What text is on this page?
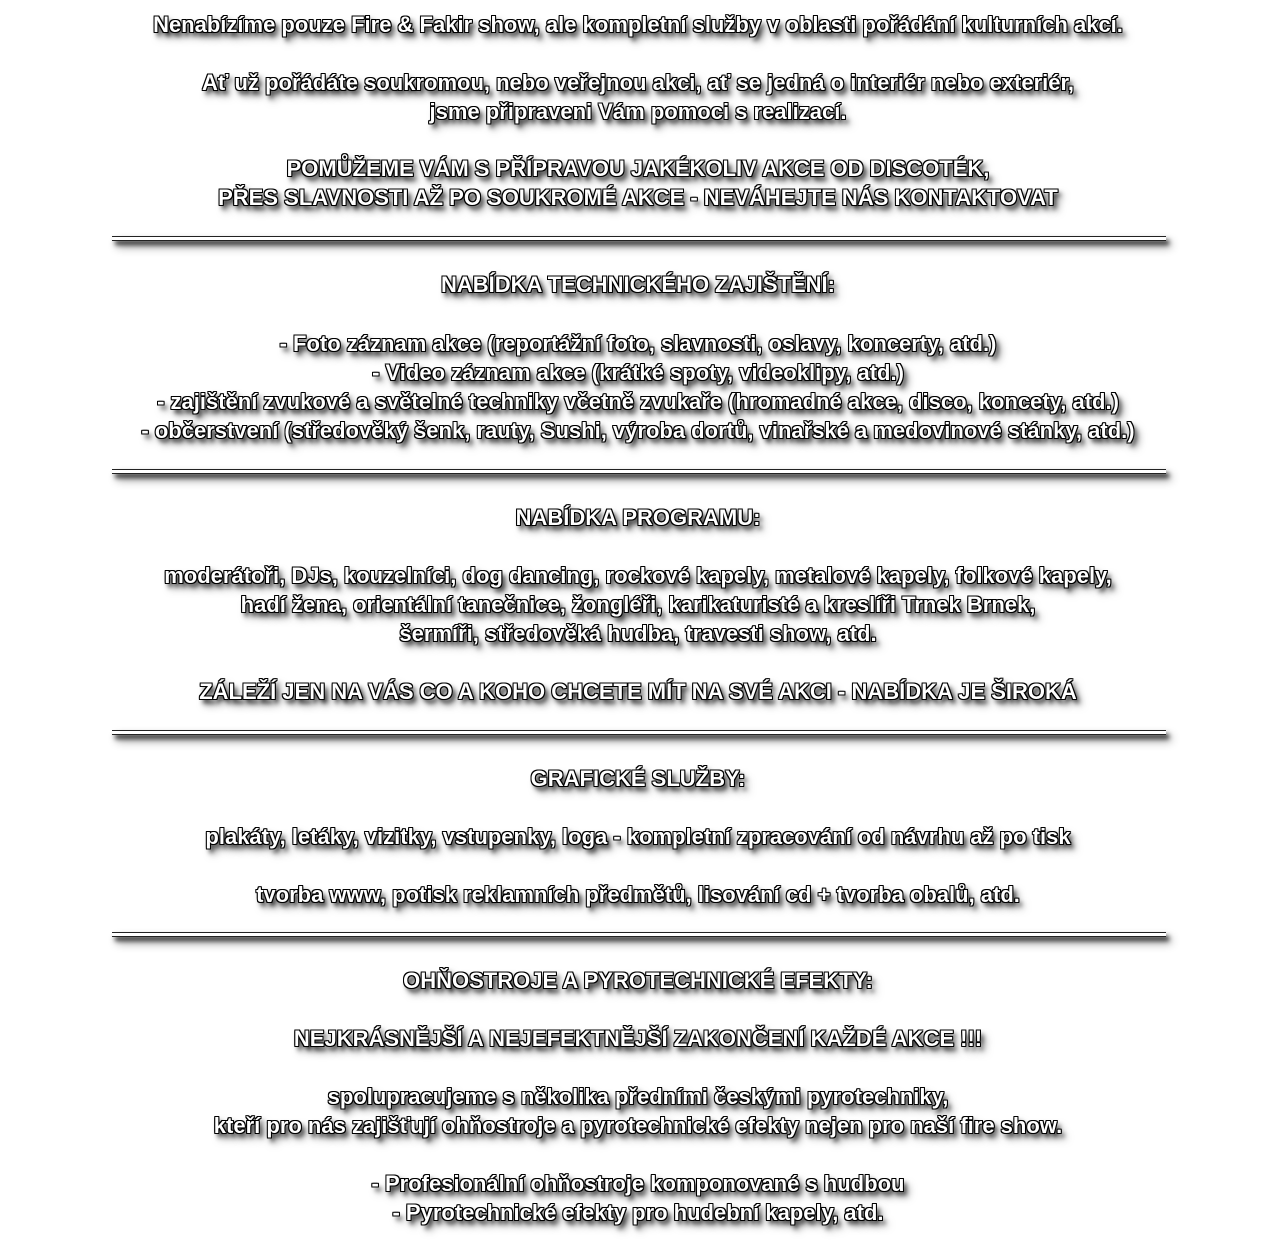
Nenabízíme pouze Fire & Fakir show, ale kompletní služby v oblasti pořádání kulturních akcí.
Ať už pořádáte soukromou, nebo veřejnou akci, ať se jedná o interiér nebo exteriér,
jsme připraveni Vám pomoci s realizací.
POMŮŽEME VÁM S PŘÍPRAVOU JAKÉKOLIV AKCE OD DISCOTÉK,
PŘES SLAVNOSTI AŽ PO SOUKROMÉ AKCE - NEVÁHEJTE NÁS KONTAKTOVAT
NABÍDKA TECHNICKÉHO ZAJIŠTĚNÍ:
- Foto záznam akce (reportážní foto, slavnosti, oslavy, koncerty, atd.)
- Video záznam akce (krátké spoty, videoklipy, atd.)
- zajištění zvukové a světelné techniky včetně zvukaře (hromadné akce, disco, koncety, atd.)
- občerstvení (středověký šenk, rauty, Sushi, výroba dortů, vinařské a medovinové stánky, atd.)
NABÍDKA PROGRAMU:
moderátoři, DJs, kouzelníci, dog dancing, rockové kapely, metalové kapely, folkové kapely,
hadí žena, orientální tanečnice, žongléři, karikaturisté a kreslíři Trnek Brnek,
šermíři, středověká hudba, travesti show, atd.
ZÁLEŽÍ JEN NA VÁS CO A KOHO CHCETE MÍT NA SVÉ AKCI - NABÍDKA JE ŠIROKÁ
GRAFICKÉ SLUŽBY:
plakáty, letáky, vizitky, vstupenky, loga - kompletní zpracování od návrhu až po tisk
tvorba www, potisk reklamních předmětů, lisování cd + tvorba obalů, atd.
OHŇOSTROJE A PYROTECHNICKÉ EFEKTY:
NEJKRÁSNĚJŠÍ A NEJEFEKTNĚJŠÍ ZAKONČENÍ KAŽDÉ AKCE !!!
spolupracujeme s několika předními českými pyrotechniky,
kteří pro nás zajišťují ohňostroje a pyrotechnické efekty nejen pro naší fire show.
- Profesionální ohňostroje komponované s hudbou
- Pyrotechnické efekty pro hudební kapely, atd.
